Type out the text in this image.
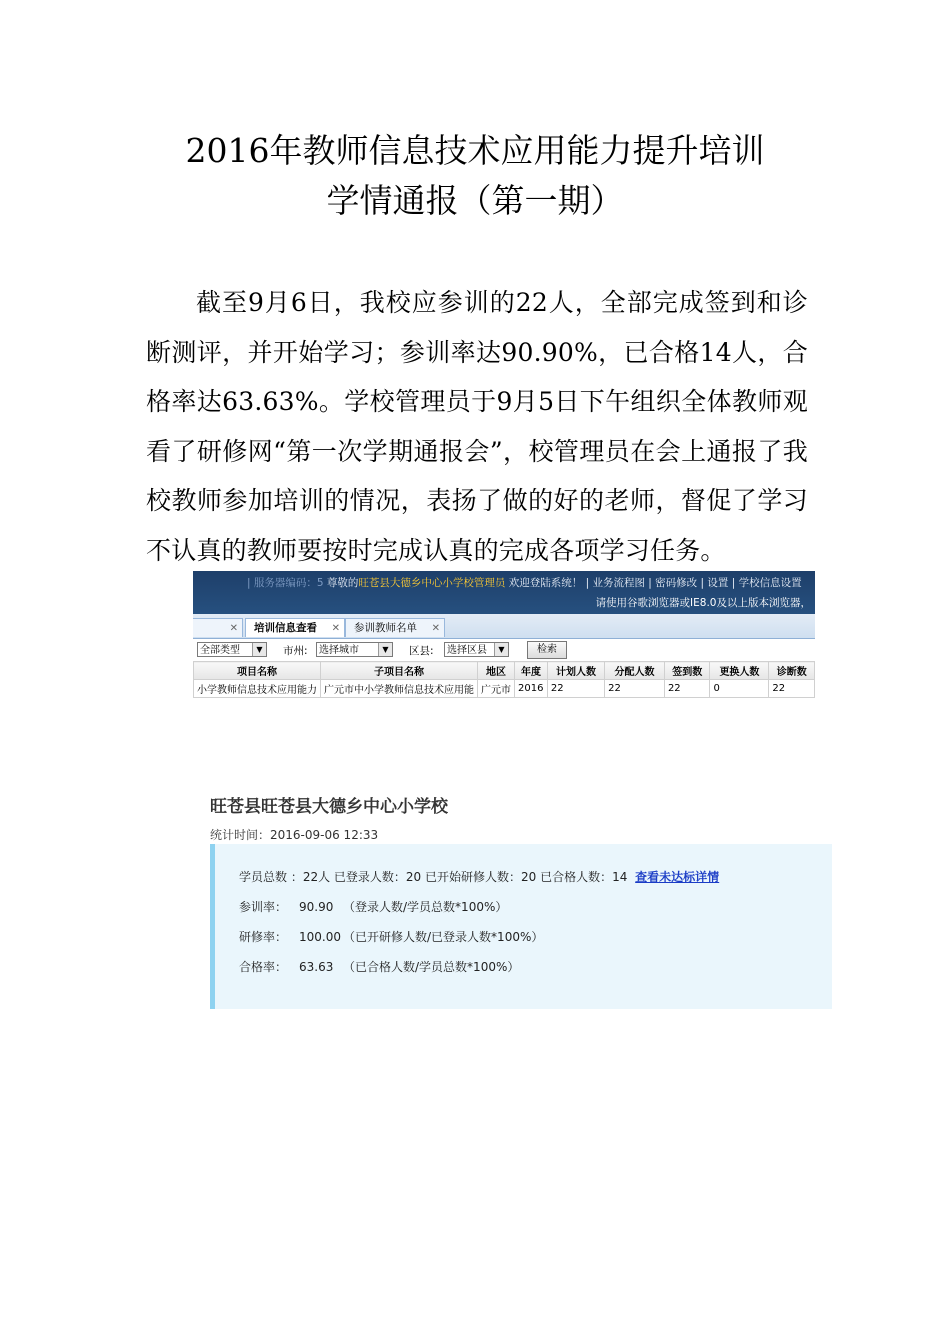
2016年教师信息技术应用能力提升培训
学情通报（第一期）
截至9月6日，我校应参训的22人，全部完成签到和诊断测评，并开始学习；参训率达90.90%，已合格14人，合格率达63.63%。学校管理员于9月5日下午组织全体教师观看了研修网“第一次学期通报会”，校管理员在会上通报了我校教师参加培训的情况，表扬了做的好的老师，督促了学习不认真的教师要按时完成认真的完成各项学习任务。
| 服务器编码：5 尊敬的旺苍县大德乡中心小学校管理员 欢迎登陆系统！ | 业务流程图 | 密码修改 | 设置 | 学校信息设置
请使用谷歌浏览器或IE8.0及以上版本浏览器，
✕	培训信息查看 ✕	参训教师名单 ✕
全部类型	▼	市州:	选择城市	▼	区县:	选择区县	▼	检索
项目名称	子项目名称	地区	年度	计划人数	分配人数	签到数	更换人数	诊断数
小学教师信息技术应用能力	广元市中小学教师信息技术应用能	广元市	2016	22	22	22	0	22
旺苍县旺苍县大德乡中心小学校
统计时间：2016-09-06 12:33
学员总数 ：22人 已登录人数：20 已开始研修人数：20 已合格人数：14 查看未达标详情
参训率： 90.90 （登录人数/学员总数*100%）
研修率： 100.00 （已开研修人数/已登录人数*100%）
合格率： 63.63 （已合格人数/学员总数*100%）
